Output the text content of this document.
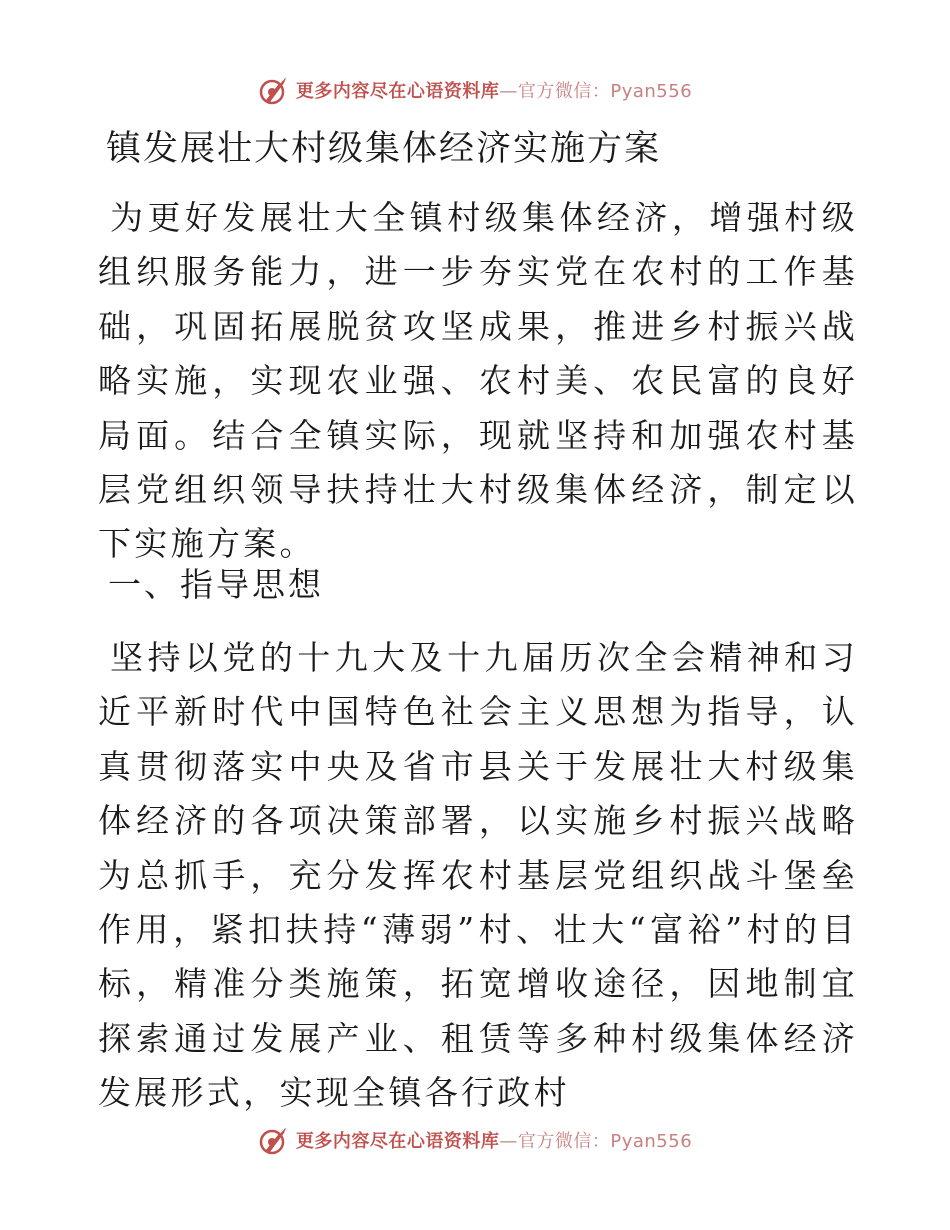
更多内容尽在心语资料库—官方微信：Pyan556
镇发展壮大村级集体经济实施方案
为更好发展壮大全镇村级集体经济，增强村级组织服务能力，进一步夯实党在农村的工作基础，巩固拓展脱贫攻坚成果，推进乡村振兴战略实施，实现农业强、农村美、农民富的良好局面。结合全镇实际，现就坚持和加强农村基层党组织领导扶持壮大村级集体经济，制定以下实施方案。
一、指导思想
坚持以党的十九大及十九届历次全会精神和习近平新时代中国特色社会主义思想为指导，认真贯彻落实中央及省市县关于发展壮大村级集体经济的各项决策部署，以实施乡村振兴战略为总抓手，充分发挥农村基层党组织战斗堡垒作用，紧扣扶持“薄弱”村、壮大“富裕”村的目标，精准分类施策，拓宽增收途径，因地制宜探索通过发展产业、租赁等多种村级集体经济发展形式，实现全镇各行政村
更多内容尽在心语资料库—官方微信：Pyan556
